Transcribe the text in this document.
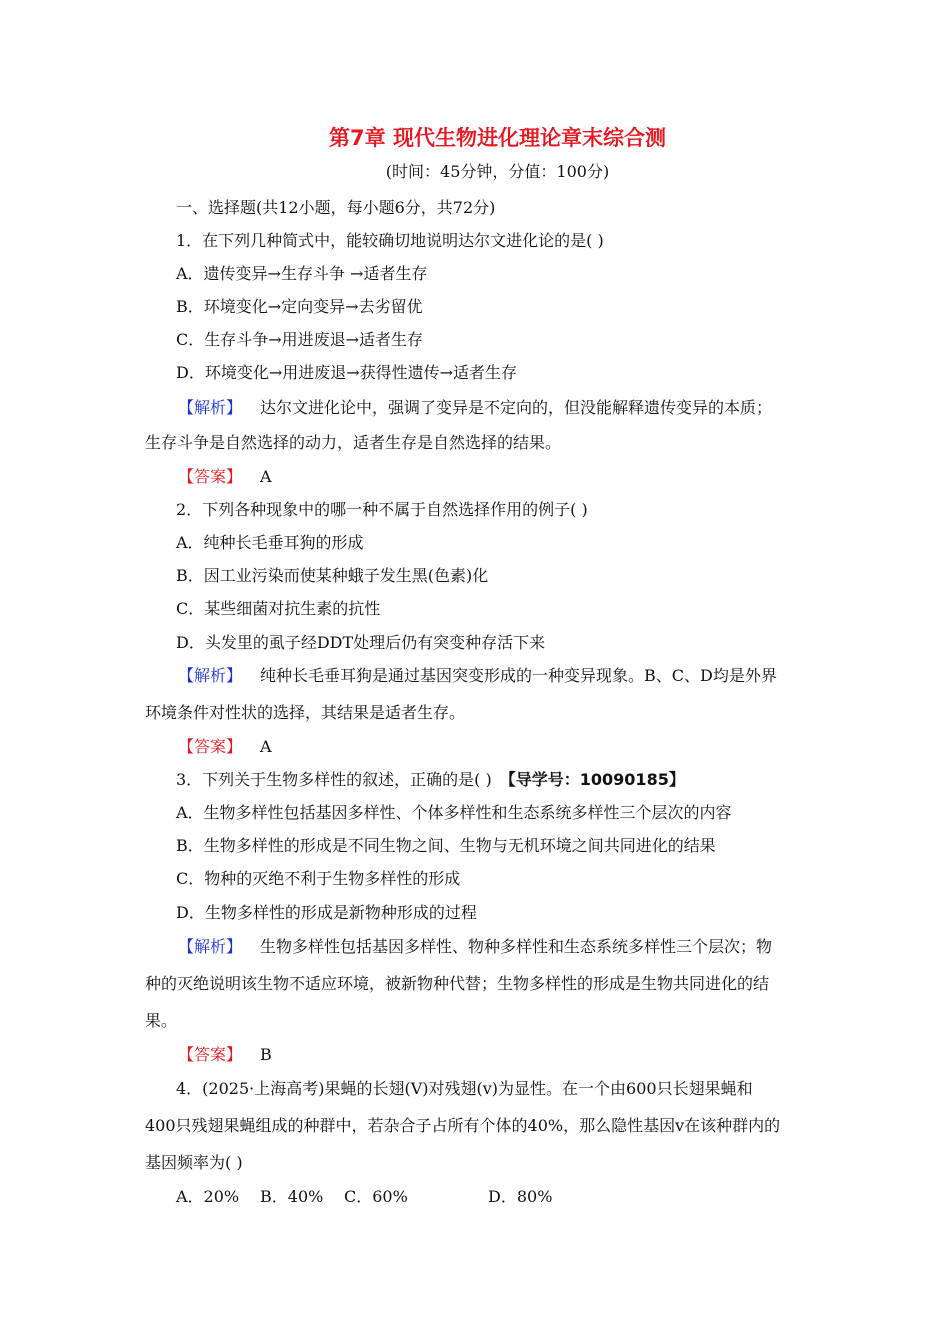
第7章 现代生物进化理论章末综合测
(时间：45分钟，分值：100分)
一、选择题(共12小题，每小题6分，共72分)
1．在下列几种简式中，能较确切地说明达尔文进化论的是( )
A．遗传变异→生存斗争 →适者生存
B．环境变化→定向变异→去劣留优
C．生存斗争→用进废退→适者生存
D．环境变化→用进废退→获得性遗传→适者生存
【解析】 达尔文进化论中，强调了变异是不定向的，但没能解释遗传变异的本质；
生存斗争是自然选择的动力，适者生存是自然选择的结果。
【答案】 A
2．下列各种现象中的哪一种不属于自然选择作用的例子( )
A．纯种长毛垂耳狗的形成
B．因工业污染而使某种蛾子发生黑(色素)化
C．某些细菌对抗生素的抗性
D．头发里的虱子经DDT处理后仍有突变种存活下来
【解析】 纯种长毛垂耳狗是通过基因突变形成的一种变异现象。B、C、D均是外界
环境条件对性状的选择，其结果是适者生存。
【答案】 A
3．下列关于生物多样性的叙述，正确的是( ) 【导学号：10090185】
A．生物多样性包括基因多样性、个体多样性和生态系统多样性三个层次的内容
B．生物多样性的形成是不同生物之间、生物与无机环境之间共同进化的结果
C．物种的灭绝不利于生物多样性的形成
D．生物多样性的形成是新物种形成的过程
【解析】 生物多样性包括基因多样性、物种多样性和生态系统多样性三个层次；物
种的灭绝说明该生物不适应环境，被新物种代替；生物多样性的形成是生物共同进化的结
果。
【答案】 B
4．(2025·上海高考)果蝇的长翅(V)对残翅(v)为显性。在一个由600只长翅果蝇和
400只残翅果蝇组成的种群中，若杂合子占所有个体的40%，那么隐性基因v在该种群内的
基因频率为( )
A．20% B．40% C．60%	D．80%
